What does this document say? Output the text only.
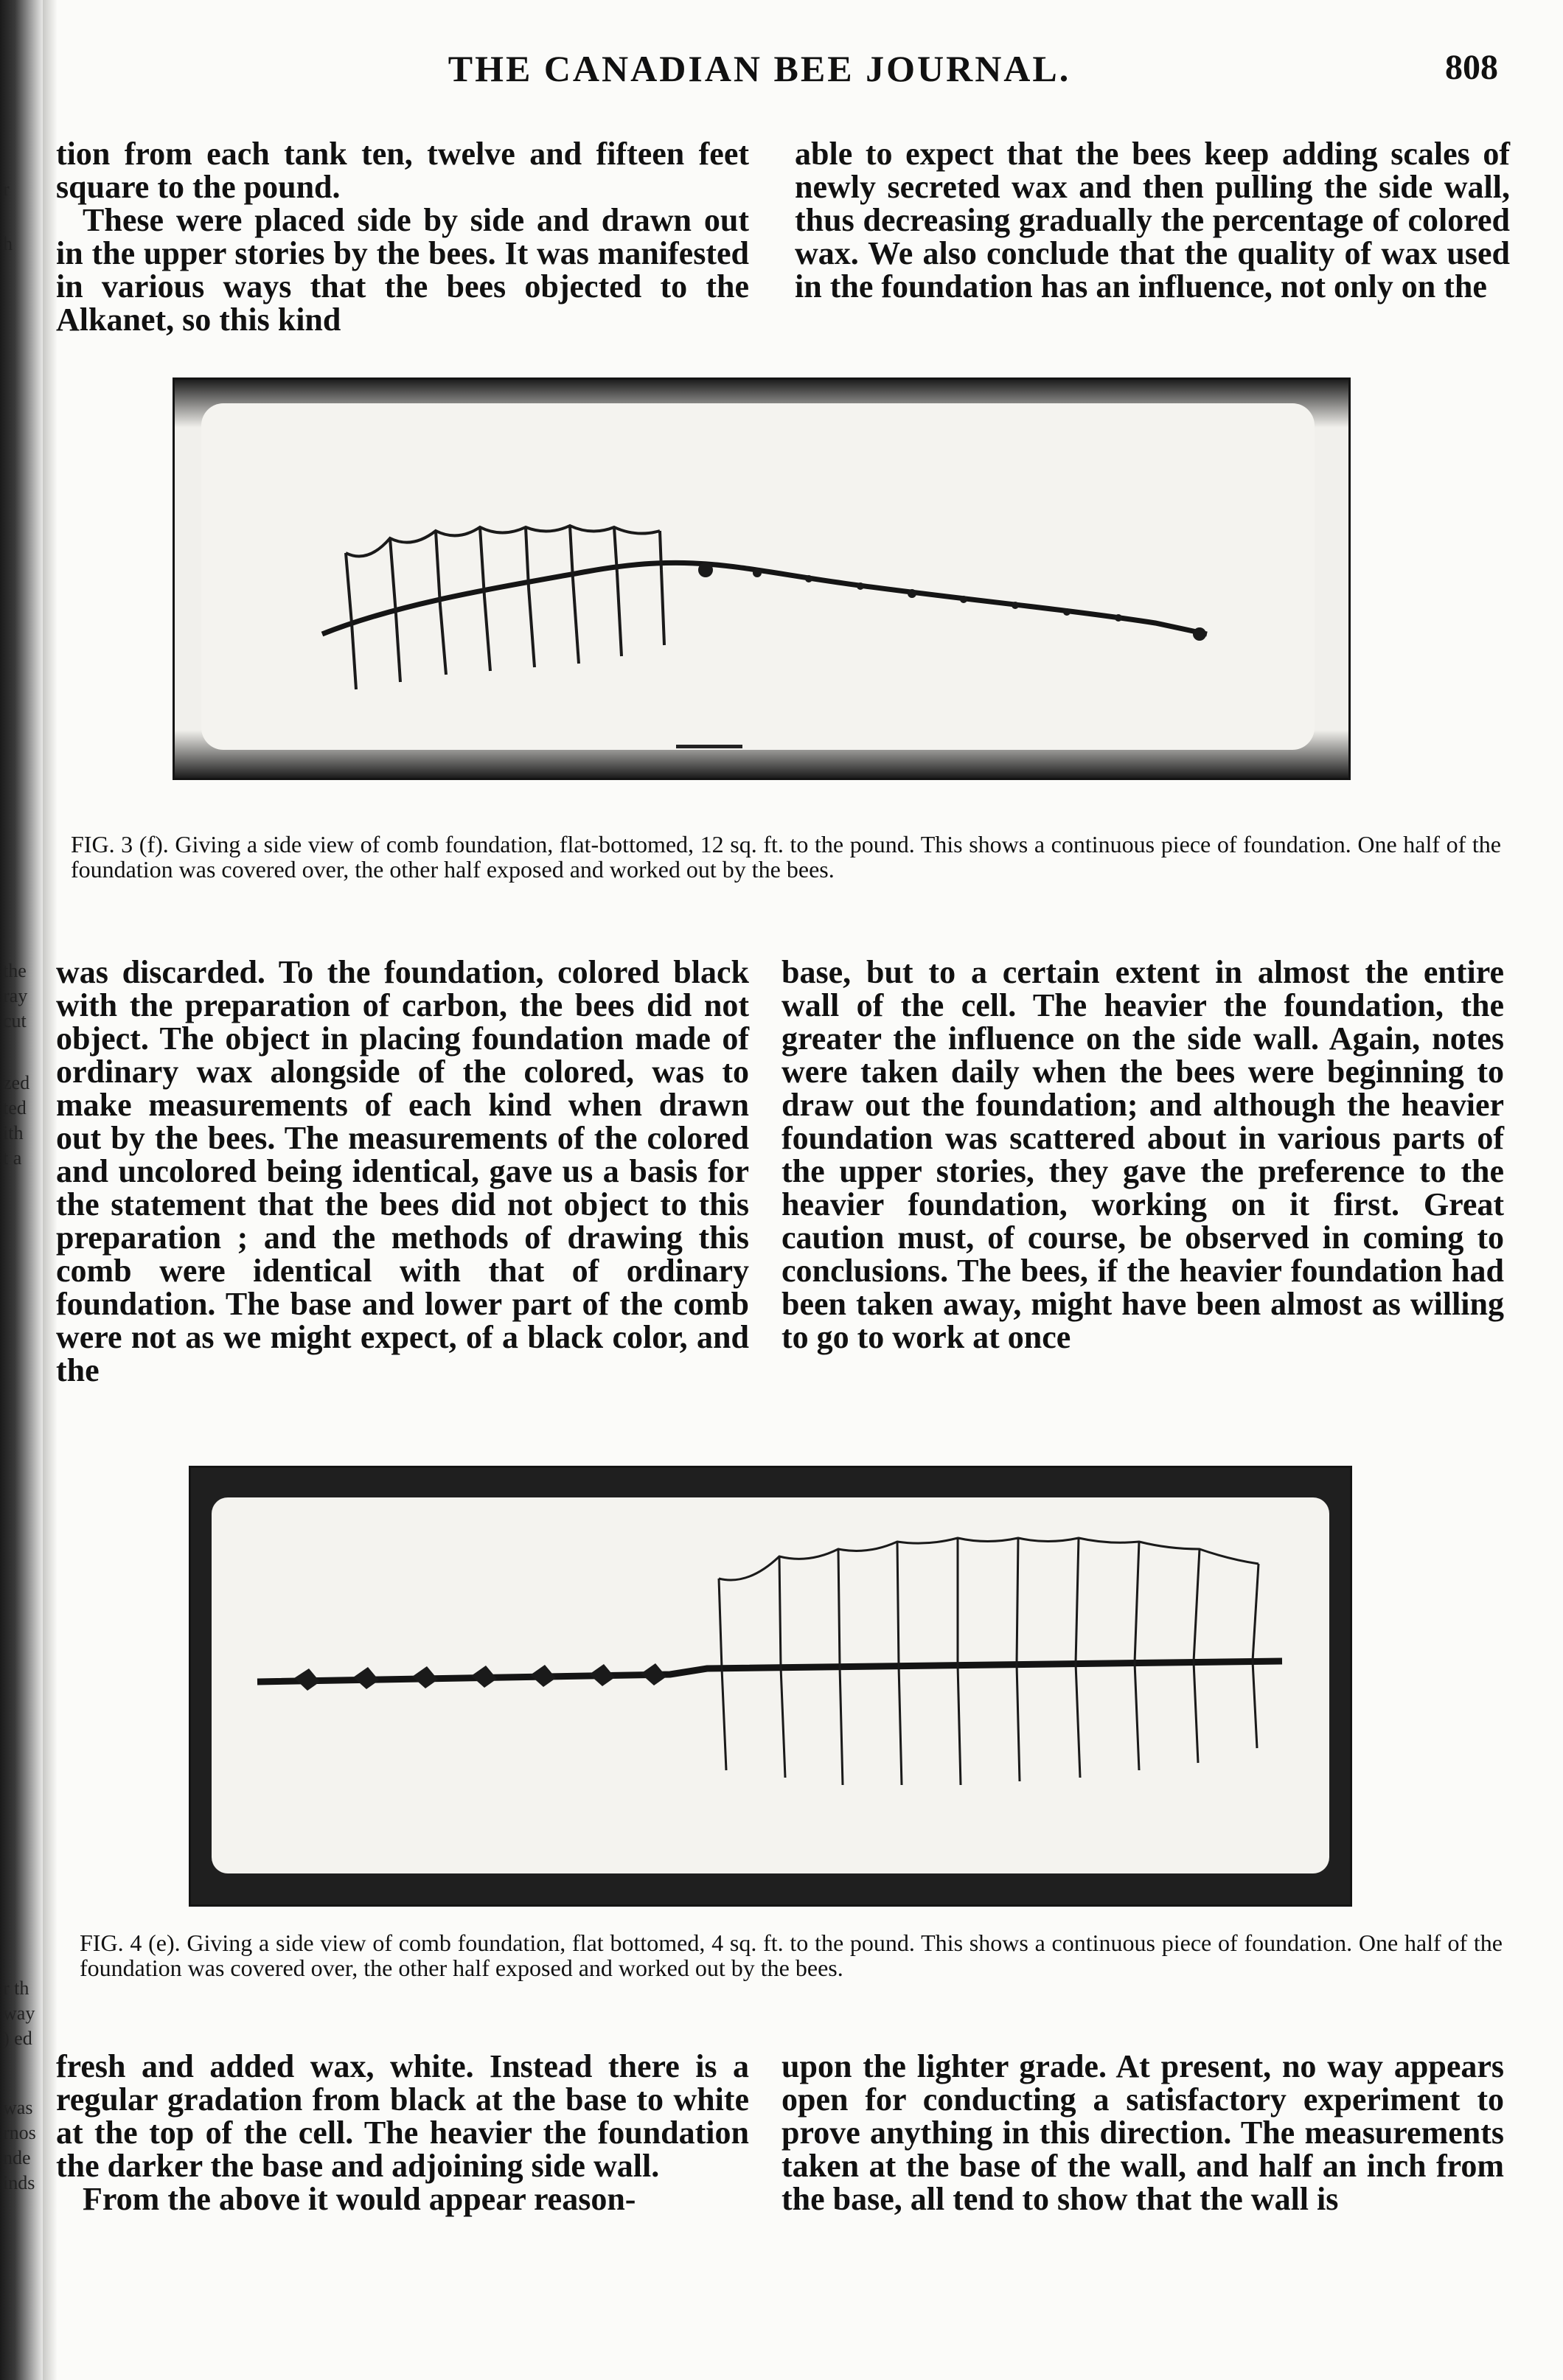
THE CANADIAN BEE JOURNAL.	808
r
h
the
ray
cut
zed
ted
ith
t a
r th
way
) ed
was
rnos
nde
inds

tion from each tank ten, twelve and fifteen feet square to the pound.

These were placed side by side and drawn out in the upper stories by the bees. It was manifested in various ways that the bees objected to the Alkanet, so this kind

able to expect that the bees keep adding scales of newly secreted wax and then pulling the side wall, thus decreasing gradually the percentage of colored wax. We also conclude that the quality of wax used in the foundation has an influence, not only on the

FIG. 3 (f). Giving a side view of comb foundation, flat-bottomed, 12 sq. ft. to the pound. This shows a continuous piece of foundation. One half of the foundation was covered over, the other half exposed and worked out by the bees.

was discarded. To the foundation, colored black with the preparation of carbon, the bees did not object. The object in placing foundation made of ordinary wax alongside of the colored, was to make measurements of each kind when drawn out by the bees. The measurements of the colored and uncolored being identical, gave us a basis for the statement that the bees did not object to this preparation ; and the methods of drawing this comb were identical with that of ordinary foundation. The base and lower part of the comb were not as we might expect, of a black color, and the

base, but to a certain extent in almost the entire wall of the cell. The heavier the foundation, the greater the influence on the side wall. Again, notes were taken daily when the bees were beginning to draw out the foundation; and although the heavier foundation was scattered about in various parts of the upper stories, they gave the preference to the heavier foundation, working on it first. Great caution must, of course, be observed in coming to conclusions. The bees, if the heavier foundation had been taken away, might have been almost as willing to go to work at once

FIG. 4 (e). Giving a side view of comb foundation, flat bottomed, 4 sq. ft. to the pound. This shows a continuous piece of foundation. One half of the foundation was covered over, the other half exposed and worked out by the bees.

fresh and added wax, white. Instead there is a regular gradation from black at the base to white at the top of the cell. The heavier the foundation the darker the base and adjoining side wall.

From the above it would appear reason-

upon the lighter grade. At present, no way appears open for conducting a satisfactory experiment to prove anything in this direction. The measurements taken at the base of the wall, and half an inch from the base, all tend to show that the wall is
